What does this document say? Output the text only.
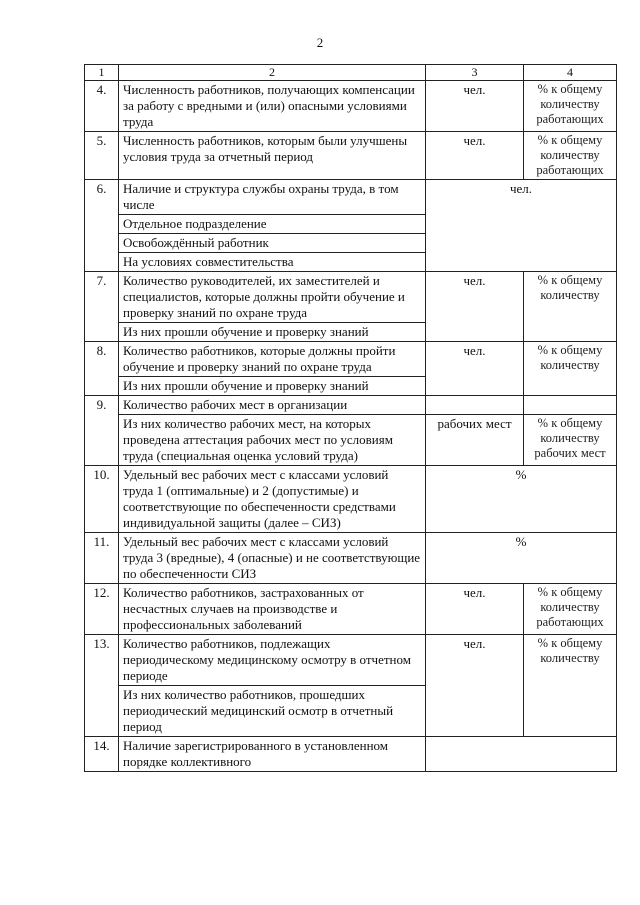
2
1	2	3	4
4.	Численность работников, получающих компенсации за работу с вредными и (или) опасными условиями труда	чел.	% к общему количеству работающих
5.	Численность работников, которым были улучшены условия труда за отчетный период	чел.	% к общему количеству работающих
6.	Наличие и структура службы охраны труда, в том числе	чел.	
	Отдельное подразделение		
	Освобождённый работник		
	На условиях совместительства		
7.	Количество руководителей, их заместителей и специалистов, которые должны пройти обучение и проверку знаний по охране труда	чел.	% к общему количеству
	Из них прошли обучение и проверку знаний		
8.	Количество работников, которые должны пройти обучение и проверку знаний по охране труда	чел.	% к общему количеству
	Из них прошли обучение и проверку знаний		
9.	Количество рабочих мест в организации		
	Из них количество рабочих мест, на которых проведена аттестация рабочих мест по условиям труда (специальная оценка условий труда)	рабочих мест	% к общему количеству рабочих мест
10.	Удельный вес рабочих мест с классами условий труда 1 (оптимальные) и 2 (допустимые) и соответствующие по обеспеченности средствами индивидуальной защиты (далее – СИЗ)	%	
11.	Удельный вес рабочих мест с классами условий труда 3 (вредные), 4 (опасные) и не соответствующие по обеспеченности СИЗ	%	
12.	Количество работников, застрахованных от несчастных случаев на производстве и профессиональных заболеваний	чел.	% к общему количеству работающих
13.	Количество работников, подлежащих периодическому медицинскому осмотру в отчетном периоде	чел.	% к общему количеству
	Из них количество работников, прошедших периодический медицинский осмотр в отчетный период		
14.	Наличие зарегистрированного в установленном порядке коллективного		
